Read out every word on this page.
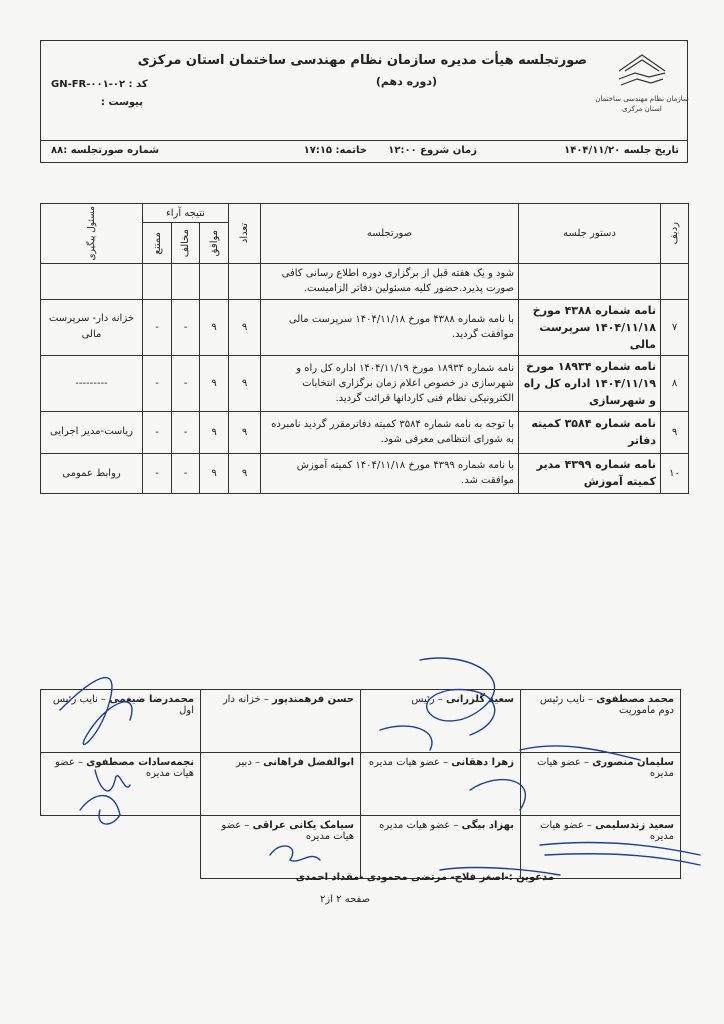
سازمان نظام مهندسی ساختمان
استان مرکزی
صورتجلسه هیأت مدیره سازمان نظام مهندسی ساختمان استان مرکزی
(دوره دهم)
کد : GN-FR-۰۰۱-۰۲
پیوست :
تاریخ جلسه ۱۴۰۴/۱۱/۲۰
زمان شروع ۱۲:۰۰
خاتمه: ۱۷:۱۵
شماره صورتجلسه :۸۸
ردیف	دستور جلسه	صورتجلسه	تعداد	نتیجه آراء			مسئول پیگیری

				موافق	مخالف	ممتنع	

		شود و یک هفته قبل از برگزاری دوره اطلاع رسانی کافی صورت پذیرد.حضور کلیه مسئولین دفاتر الزامیست.					
۷	نامه شماره ۴۳۸۸ مورخ ۱۴۰۴/۱۱/۱۸ سرپرست مالی	با نامه شماره ۴۳۸۸ مورخ ۱۴۰۴/۱۱/۱۸ سرپرست مالی موافقت گردید.	۹	۹	-	-	خزانه دار- سرپرست مالی
۸	نامه شماره ۱۸۹۳۴ مورخ ۱۴۰۴/۱۱/۱۹ اداره کل راه و شهرسازی	نامه شماره ۱۸۹۳۴ مورخ ۱۴۰۴/۱۱/۱۹ اداره کل راه و شهرسازی در خصوص اعلام زمان برگزاری انتخابات الکترونیکی نظام فنی کاردانها قرائت گردید.	۹	۹	-	-	---------
۹	نامه شماره ۳۵۸۴ کمیته دفاتر	با توجه به نامه شماره ۳۵۸۴ کمیته دفاترمقرر گردید نامبرده به شورای انتظامی معرفی شود.	۹	۹	-	-	ریاست-مدیر اجرایی
۱۰	نامه شماره ۴۳۹۹ مدیر کمیته آموزش	با نامه شماره ۴۳۹۹ مورخ ۱۴۰۴/۱۱/۱۸ کمیته آموزش موافقت شد.	۹	۹	-	-	روابط عمومی
محمد مصطفوی – نایب رئیس دوم ماموریت	سعید گلزرانی – رئیس	حسن فرهمندپور – خزانه دار	محمدرضا ضیغمی – نایب رئیس اول
سلیمان منصوری – عضو هیات مدیره	زهرا دهقانی – عضو هیات مدیره	ابوالفضل فراهانی – دبیر	نجمه‌سادات مصطفوی – عضو هیات مدیره
سعید زندسلیمی – عضو هیات مدیره	بهزاد بیگی – عضو هیات مدیره	سیامک یکانی عراقی – عضو هیات مدیره	
مدعوین :-اصغر فلاح- مرتضی محمودی -مقداد احمدی
صفحه ۲ از۲
